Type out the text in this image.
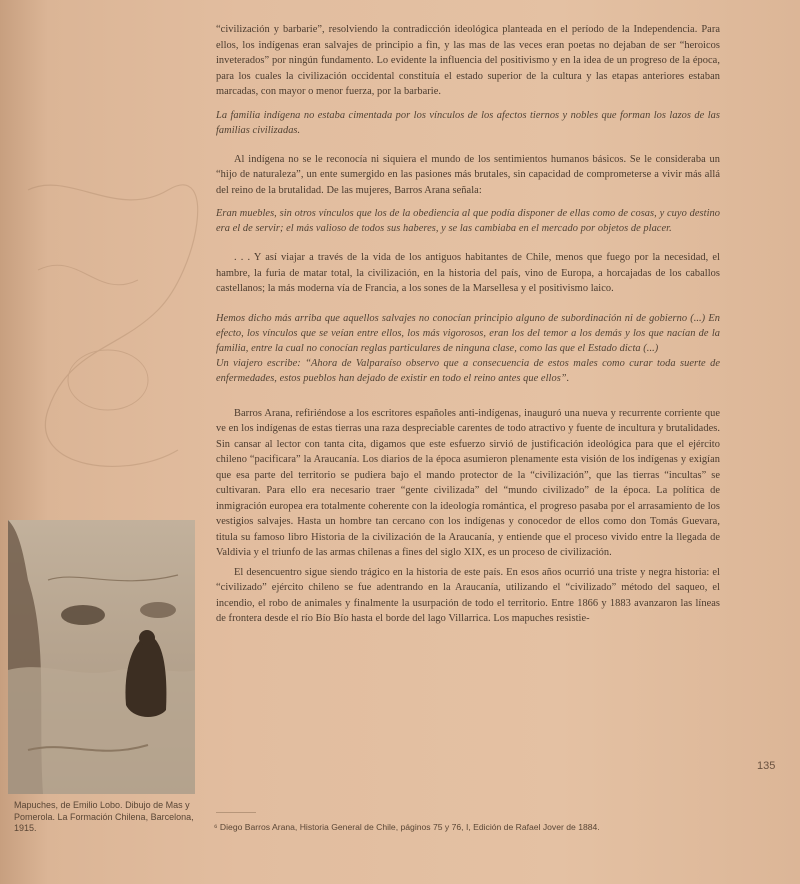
“civilización y barbarie”, resolviendo la contradicción ideológica planteada en el período de la Independencia. Para ellos, los indígenas eran salvajes de principio a fin, y las mas de las veces eran poetas no dejaban de ser “heroicos inveterados” por ningún fundamento. Lo evidente la influencia del positivismo y en la idea de un progreso de la época, para los cuales la civilización occidental constituía el estado superior de la cultura y las etapas anteriores estaban marcadas, con mayor o menor fuerza, por la barbarie.

La familia indígena no estaba cimentada por los vínculos de los afectos tiernos y nobles que forman los lazos de las familias civilizadas.

Al indígena no se le reconocía ni siquiera el mundo de los sentimientos humanos básicos. Se le consideraba un “hijo de naturaleza”, un ente sumergido en las pasiones más brutales, sin capacidad de comprometerse a vivir más allá del reino de la brutalidad. De las mujeres, Barros Arana señala:

Eran muebles, sin otros vínculos que los de la obediencia al que podía disponer de ellas como de cosas, y cuyo destino era el de servir; el más valioso de todos sus haberes, y se las cambiaba en el mercado por objetos de placer.

. . . Y así viajar a través de la vida de los antiguos habitantes de Chile, menos que fuego por la necesidad, el hambre, la furia de matar total, la civilización, en la historia del país, vino de Europa, a horcajadas de los caballos castellanos; la más moderna vía de Francia, a los sones de la Marsellesa y el positivismo laico.

Hemos dicho más arriba que aquellos salvajes no conocían principio alguno de subordinación ni de gobierno (...) En efecto, los vínculos que se veían entre ellos, los más vigorosos, eran los del temor a los demás y los que nacían de la familia, entre la cual no conocían reglas particulares de ninguna clase, como las que el Estado dicta (...)
Un viajero escribe: “Ahora de Valparaíso observo que a consecuencia de estos males como curar toda suerte de enfermedades, estos pueblos han dejado de existir en todo el reino antes que ellos”.

Barros Arana, refiriéndose a los escritores españoles anti-indígenas, inauguró una nueva y recurrente corriente que ve en los indígenas de estas tierras una raza despreciable carentes de todo atractivo y fuente de incultura y brutalidades. Sin cansar al lector con tanta cita, digamos que este esfuerzo sirvió de justificación ideológica para que el ejército chileno “pacificara” la Araucanía. Los diarios de la época asumieron plenamente esta visión de los indígenas y exigían que esa parte del territorio se pudiera bajo el mando protector de la “civilización”, que las tierras “incultas” se cultivaran. Para ello era necesario traer “gente civilizada” del “mundo civilizado” de la época. La política de inmigración europea era totalmente coherente con la ideología romántica, el progreso pasaba por el arrasamiento de los vestigios salvajes. Hasta un hombre tan cercano con los indígenas y conocedor de ellos como don Tomás Guevara, titula su famoso libro Historia de la civilización de la Araucanía, y entiende que el proceso vivido entre la llegada de Valdivia y el triunfo de las armas chilenas a fines del siglo XIX, es un proceso de civilización.

El desencuentro sigue siendo trágico en la historia de este país. En esos años ocurrió una triste y negra historia: el “civilizado” ejército chileno se fue adentrando en la Araucanía, utilizando el “civilizado” método del saqueo, el incendio, el robo de animales y finalmente la usurpación de todo el territorio. Entre 1866 y 1883 avanzaron las líneas de frontera desde el río Bío Bío hasta el borde del lago Villarrica. Los mapuches resistie-

Mapuches, de Emilio Lobo. Dibujo de Mas y Pomerola. La Formación Chilena, Barcelona, 1915.
135
⁶ Diego Barros Arana, Historia General de Chile, páginos 75 y 76, I, Edición de Rafael Jover de 1884.
